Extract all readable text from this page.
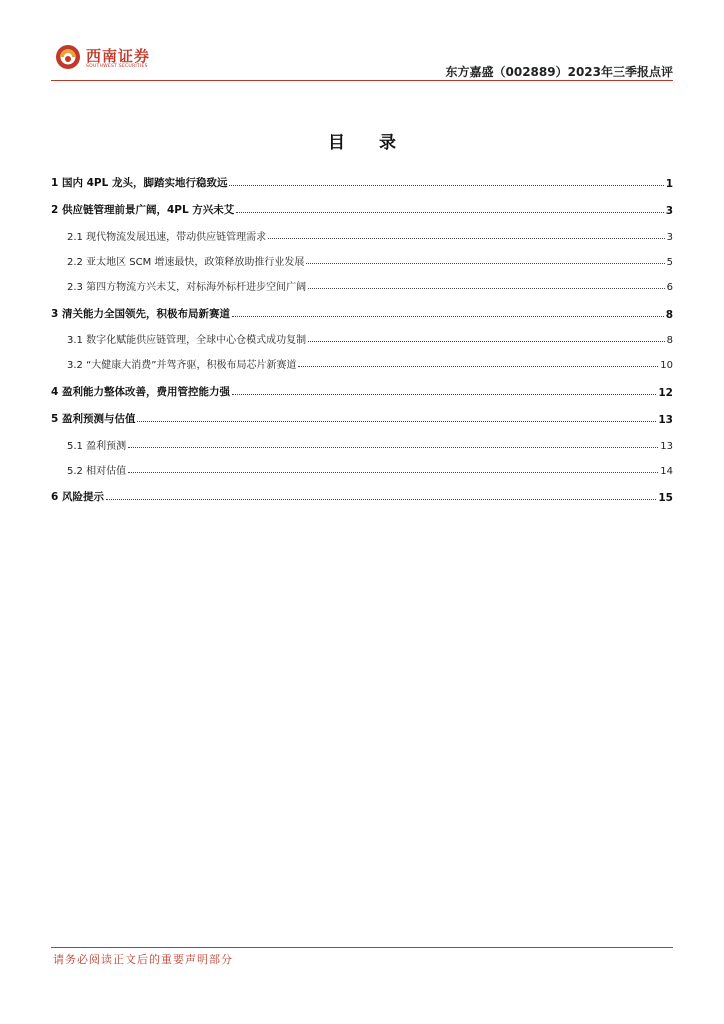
西南证券
SOUTHWEST SECURITIES	东方嘉盛（002889）2023年三季报点评
目 录
1 国内 4PL 龙头，脚踏实地行稳致远	1
2 供应链管理前景广阔，4PL 方兴未艾	3
2.1 现代物流发展迅速，带动供应链管理需求	3
2.2 亚太地区 SCM 增速最快，政策释放助推行业发展	5
2.3 第四方物流方兴未艾，对标海外标杆进步空间广阔	6
3 清关能力全国领先，积极布局新赛道	8
3.1 数字化赋能供应链管理，全球中心仓模式成功复制	8
3.2 “大健康大消费”并驾齐驱，积极布局芯片新赛道	10
4 盈利能力整体改善，费用管控能力强	12
5 盈利预测与估值	13
5.1 盈利预测	13
5.2 相对估值	14
6 风险提示	15
请务必阅读正文后的重要声明部分
